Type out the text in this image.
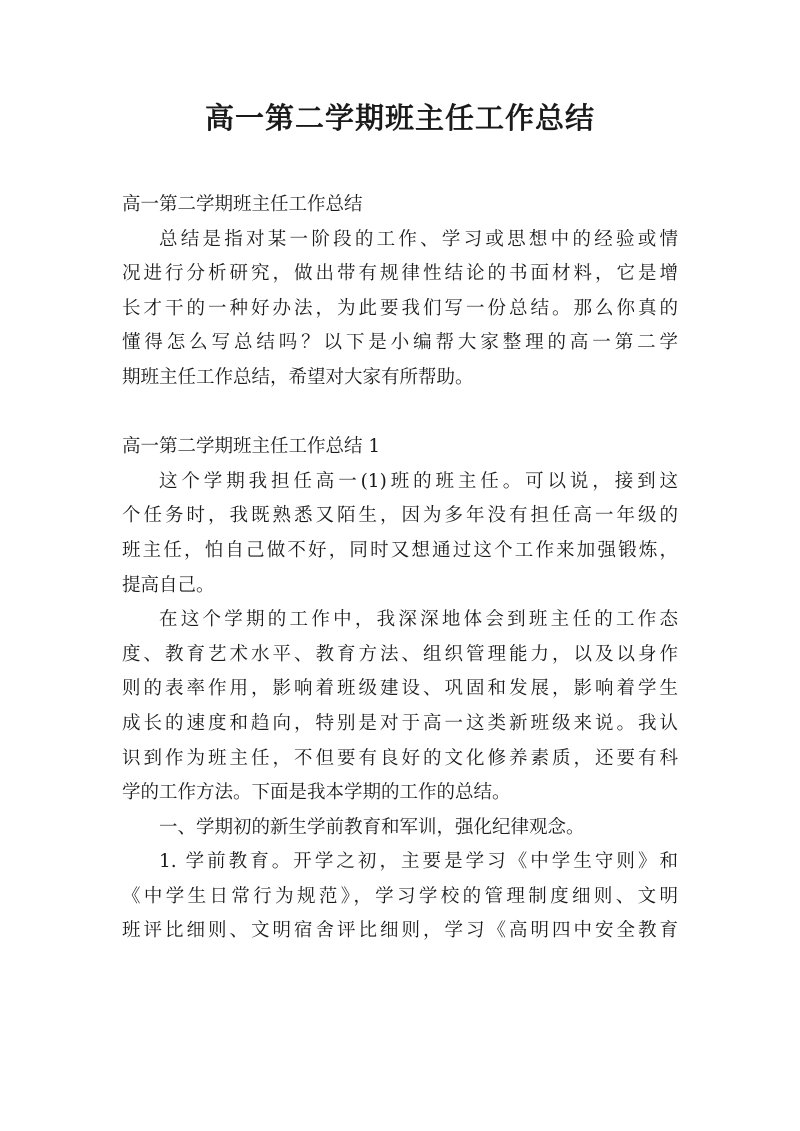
高一第二学期班主任工作总结
高一第二学期班主任工作总结
总结是指对某一阶段的工作、学习或思想中的经验或情
况进行分析研究，做出带有规律性结论的书面材料，它是增
长才干的一种好办法，为此要我们写一份总结。那么你真的
懂得怎么写总结吗？以下是小编帮大家整理的高一第二学
期班主任工作总结，希望对大家有所帮助。
高一第二学期班主任工作总结 1
这个学期我担任高一(1)班的班主任。可以说，接到这
个任务时，我既熟悉又陌生，因为多年没有担任高一年级的
班主任，怕自己做不好，同时又想通过这个工作来加强锻炼，
提高自己。
在这个学期的工作中，我深深地体会到班主任的工作态
度、教育艺术水平、教育方法、组织管理能力，以及以身作
则的表率作用，影响着班级建设、巩固和发展，影响着学生
成长的速度和趋向，特别是对于高一这类新班级来说。我认
识到作为班主任，不但要有良好的文化修养素质，还要有科
学的工作方法。下面是我本学期的工作的总结。
一、学期初的新生学前教育和军训，强化纪律观念。
1. 学前教育。开学之初，主要是学习《中学生守则》和
《中学生日常行为规范》，学习学校的管理制度细则、文明
班评比细则、文明宿舍评比细则，学习《高明四中安全教育
